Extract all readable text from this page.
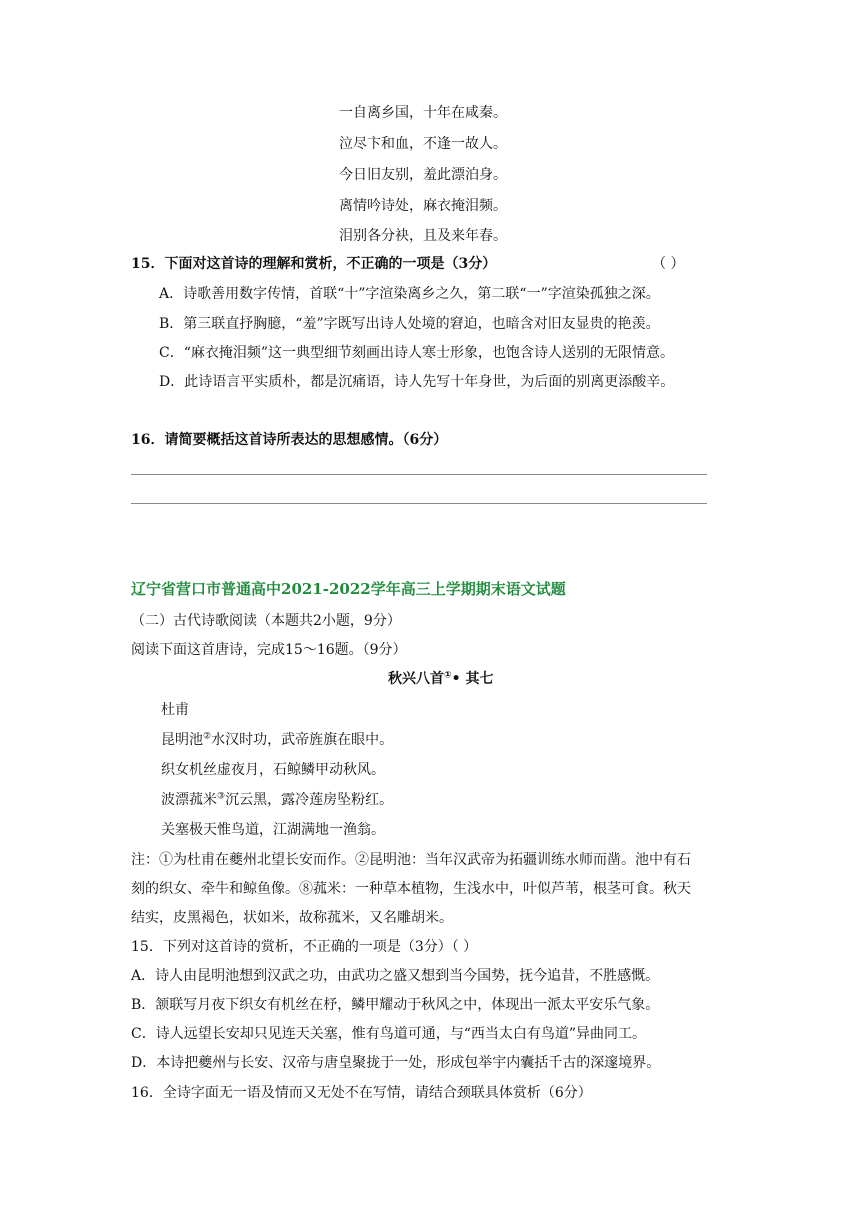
一自离乡国，十年在咸秦。
泣尽卞和血，不逢一故人。
今日旧友别，羞此漂泊身。
离情吟诗处，麻衣掩泪频。
泪别各分袂，且及来年春。
15．下面对这首诗的理解和赏析，不正确的一项是（3分）	（ ）
A．诗歌善用数字传情，首联“十”字渲染离乡之久，第二联“一”字渲染孤独之深。
B．第三联直抒胸臆，“羞”字既写出诗人处境的窘迫，也暗含对旧友显贵的艳羡。
C．“麻衣掩泪频”这一典型细节刻画出诗人寒士形象，也饱含诗人送别的无限情意。
D．此诗语言平实质朴，都是沉痛语，诗人先写十年身世，为后面的别离更添酸辛。
16．请简要概括这首诗所表达的思想感情。（6分）
辽宁省营口市普通高中2021-2022学年高三上学期期末语文试题
（二）古代诗歌阅读（本题共2小题，9分）
阅读下面这首唐诗，完成15～16题。（9分）
秋兴八首①• 其七
杜甫
昆明池②水汉时功，武帝旌旗在眼中。
织女机丝虚夜月，石鲸鳞甲动秋风。
波漂菰米③沉云黑，露冷莲房坠粉红。
关塞极天惟鸟道，江湖满地一渔翁。
注：①为杜甫在夔州北望长安而作。②昆明池：当年汉武帝为拓疆训练水师而凿。池中有石
刻的织女、牵牛和鲸鱼像。⑧菰米：一种草本植物，生浅水中，叶似芦苇，根茎可食。秋天
结实，皮黑褐色，状如米，故称菰米，又名雕胡米。
15．下列对这首诗的赏析，不正确的一项是（3分）（ ）
A．诗人由昆明池想到汉武之功，由武功之盛又想到当今国势，抚今追昔，不胜感慨。
B．颔联写月夜下织女有机丝在杼，鳞甲耀动于秋风之中，体现出一派太平安乐气象。
C．诗人远望长安却只见连天关塞，惟有鸟道可通，与“西当太白有鸟道”异曲同工。
D．本诗把夔州与长安、汉帝与唐皇聚拢于一处，形成包举宇内囊括千古的深邃境界。
16．全诗字面无一语及情而又无处不在写情，请结合颈联具体赏析（6分）
